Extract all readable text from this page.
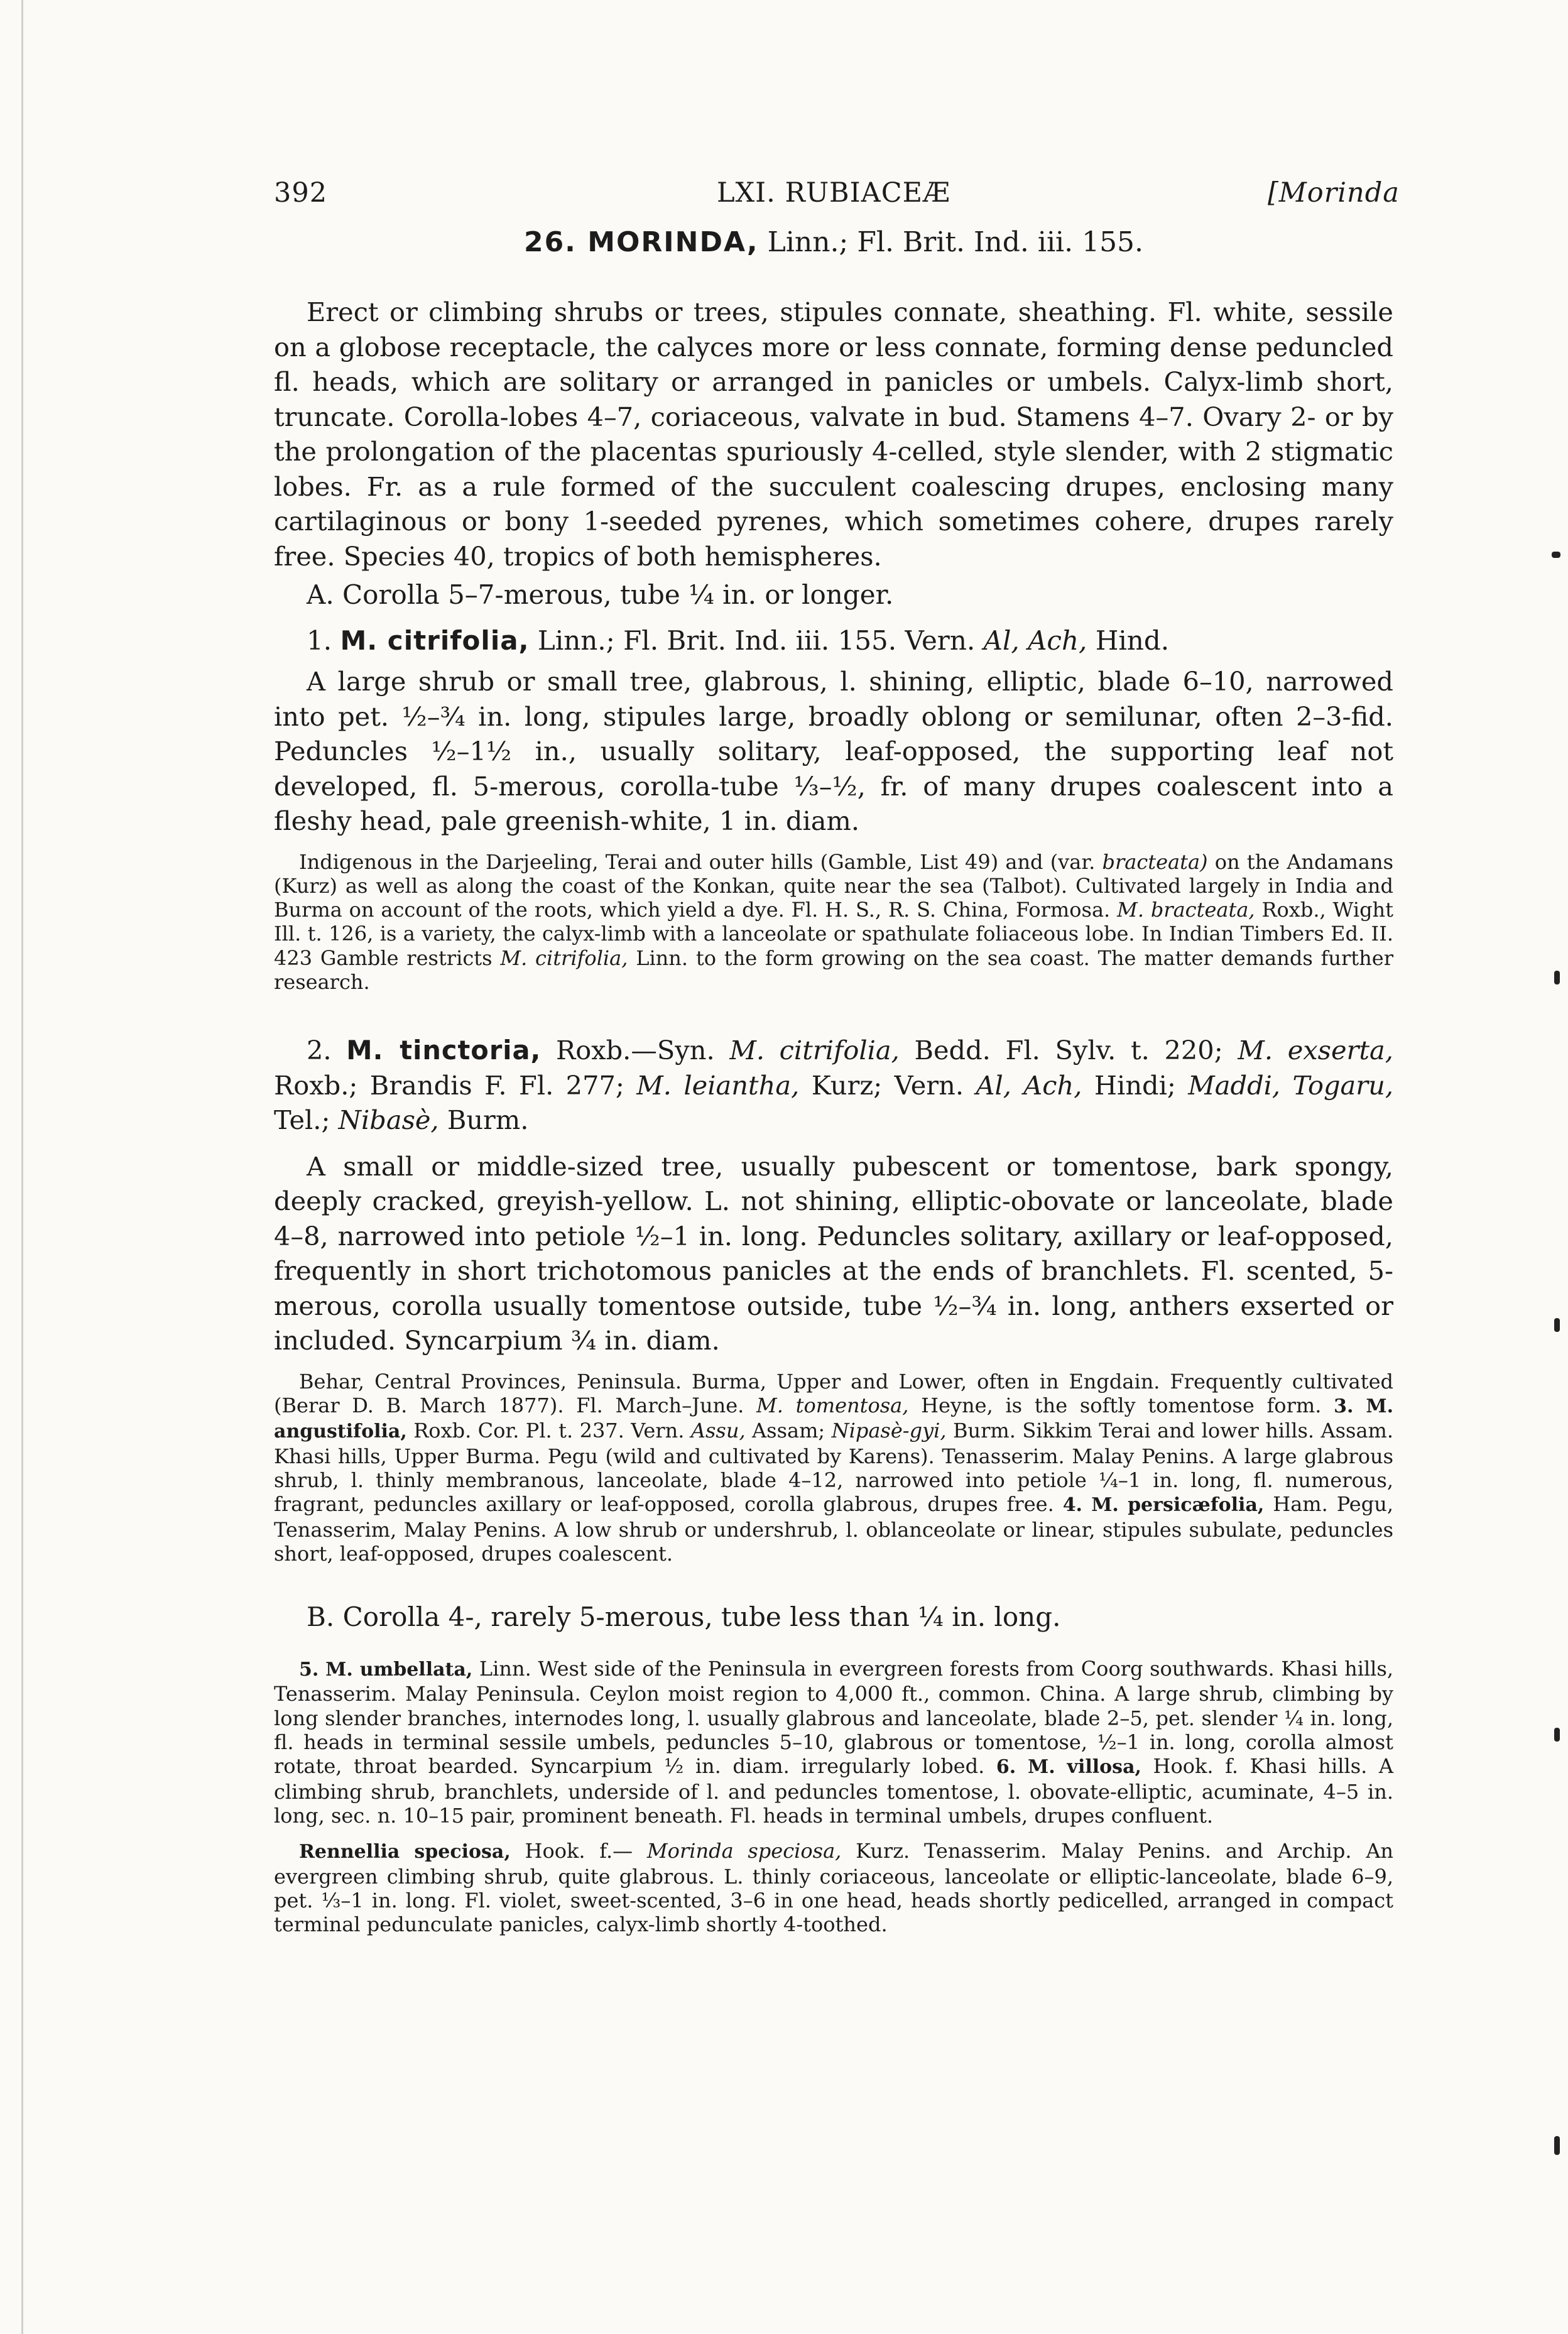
392	LXI. RUBIACEÆ	[Morinda
26. MORINDA, Linn.; Fl. Brit. Ind. iii. 155.

Erect or climbing shrubs or trees, stipules connate, sheathing. Fl. white, sessile on a globose receptacle, the calyces more or less connate, forming dense peduncled fl. heads, which are solitary or arranged in panicles or umbels. Calyx-limb short, truncate. Corolla-lobes 4–7, coriaceous, valvate in bud. Stamens 4–7. Ovary 2- or by the prolongation of the placentas spuriously 4-celled, style slender, with 2 stigmatic lobes. Fr. as a rule formed of the succulent coalescing drupes, enclosing many cartilaginous or bony 1-seeded pyrenes, which sometimes cohere, drupes rarely free. Species 40, tropics of both hemispheres.

A. Corolla 5–7-merous, tube ¼ in. or longer.

1. M. citrifolia, Linn.; Fl. Brit. Ind. iii. 155. Vern. Al, Ach, Hind.

A large shrub or small tree, glabrous, l. shining, elliptic, blade 6–10, narrowed into pet. ½–¾ in. long, stipules large, broadly oblong or semilunar, often 2–3-fid. Peduncles ½–1½ in., usually solitary, leaf-opposed, the supporting leaf not developed, fl. 5-merous, corolla-tube ⅓–½, fr. of many drupes coalescent into a fleshy head, pale greenish-white, 1 in. diam.

Indigenous in the Darjeeling, Terai and outer hills (Gamble, List 49) and (var. bracteata) on the Andamans (Kurz) as well as along the coast of the Konkan, quite near the sea (Talbot). Cultivated largely in India and Burma on account of the roots, which yield a dye. Fl. H. S., R. S. China, Formosa. M. bracteata, Roxb., Wight Ill. t. 126, is a variety, the calyx-limb with a lanceolate or spathulate foliaceous lobe. In Indian Timbers Ed. II. 423 Gamble restricts M. citrifolia, Linn. to the form growing on the sea coast. The matter demands further research.

2. M. tinctoria, Roxb.—Syn. M. citrifolia, Bedd. Fl. Sylv. t. 220; M. exserta, Roxb.; Brandis F. Fl. 277; M. leiantha, Kurz; Vern. Al, Ach, Hindi; Maddi, Togaru, Tel.; Nibasè, Burm.

A small or middle-sized tree, usually pubescent or tomentose, bark spongy, deeply cracked, greyish-yellow. L. not shining, elliptic-obovate or lanceolate, blade 4–8, narrowed into petiole ½–1 in. long. Peduncles solitary, axillary or leaf-opposed, frequently in short trichotomous panicles at the ends of branchlets. Fl. scented, 5-merous, corolla usually tomentose outside, tube ½–¾ in. long, anthers exserted or included. Syncarpium ¾ in. diam.

Behar, Central Provinces, Peninsula. Burma, Upper and Lower, often in Engdain. Frequently cultivated (Berar D. B. March 1877). Fl. March–June. M. tomentosa, Heyne, is the softly tomentose form. 3. M. angustifolia, Roxb. Cor. Pl. t. 237. Vern. Assu, Assam; Nipasè-gyi, Burm. Sikkim Terai and lower hills. Assam. Khasi hills, Upper Burma. Pegu (wild and cultivated by Karens). Tenasserim. Malay Penins. A large glabrous shrub, l. thinly membranous, lanceolate, blade 4–12, narrowed into petiole ¼–1 in. long, fl. numerous, fragrant, peduncles axillary or leaf-opposed, corolla glabrous, drupes free. 4. M. persicæfolia, Ham. Pegu, Tenasserim, Malay Penins. A low shrub or undershrub, l. oblanceolate or linear, stipules subulate, peduncles short, leaf-opposed, drupes coalescent.

B. Corolla 4-, rarely 5-merous, tube less than ¼ in. long.

5. M. umbellata, Linn. West side of the Peninsula in evergreen forests from Coorg southwards. Khasi hills, Tenasserim. Malay Peninsula. Ceylon moist region to 4,000 ft., common. China. A large shrub, climbing by long slender branches, internodes long, l. usually glabrous and lanceolate, blade 2–5, pet. slender ¼ in. long, fl. heads in terminal sessile umbels, peduncles 5–10, glabrous or tomentose, ½–1 in. long, corolla almost rotate, throat bearded. Syncarpium ½ in. diam. irregularly lobed. 6. M. villosa, Hook. f. Khasi hills. A climbing shrub, branchlets, underside of l. and peduncles tomentose, l. obovate-elliptic, acuminate, 4–5 in. long, sec. n. 10–15 pair, prominent beneath. Fl. heads in terminal umbels, drupes confluent.

Rennellia speciosa, Hook. f.— Morinda speciosa, Kurz. Tenasserim. Malay Penins. and Archip. An evergreen climbing shrub, quite glabrous. L. thinly coriaceous, lanceolate or elliptic-lanceolate, blade 6–9, pet. ⅓–1 in. long. Fl. violet, sweet-scented, 3–6 in one head, heads shortly pedicelled, arranged in compact terminal pedunculate panicles, calyx-limb shortly 4-toothed.
